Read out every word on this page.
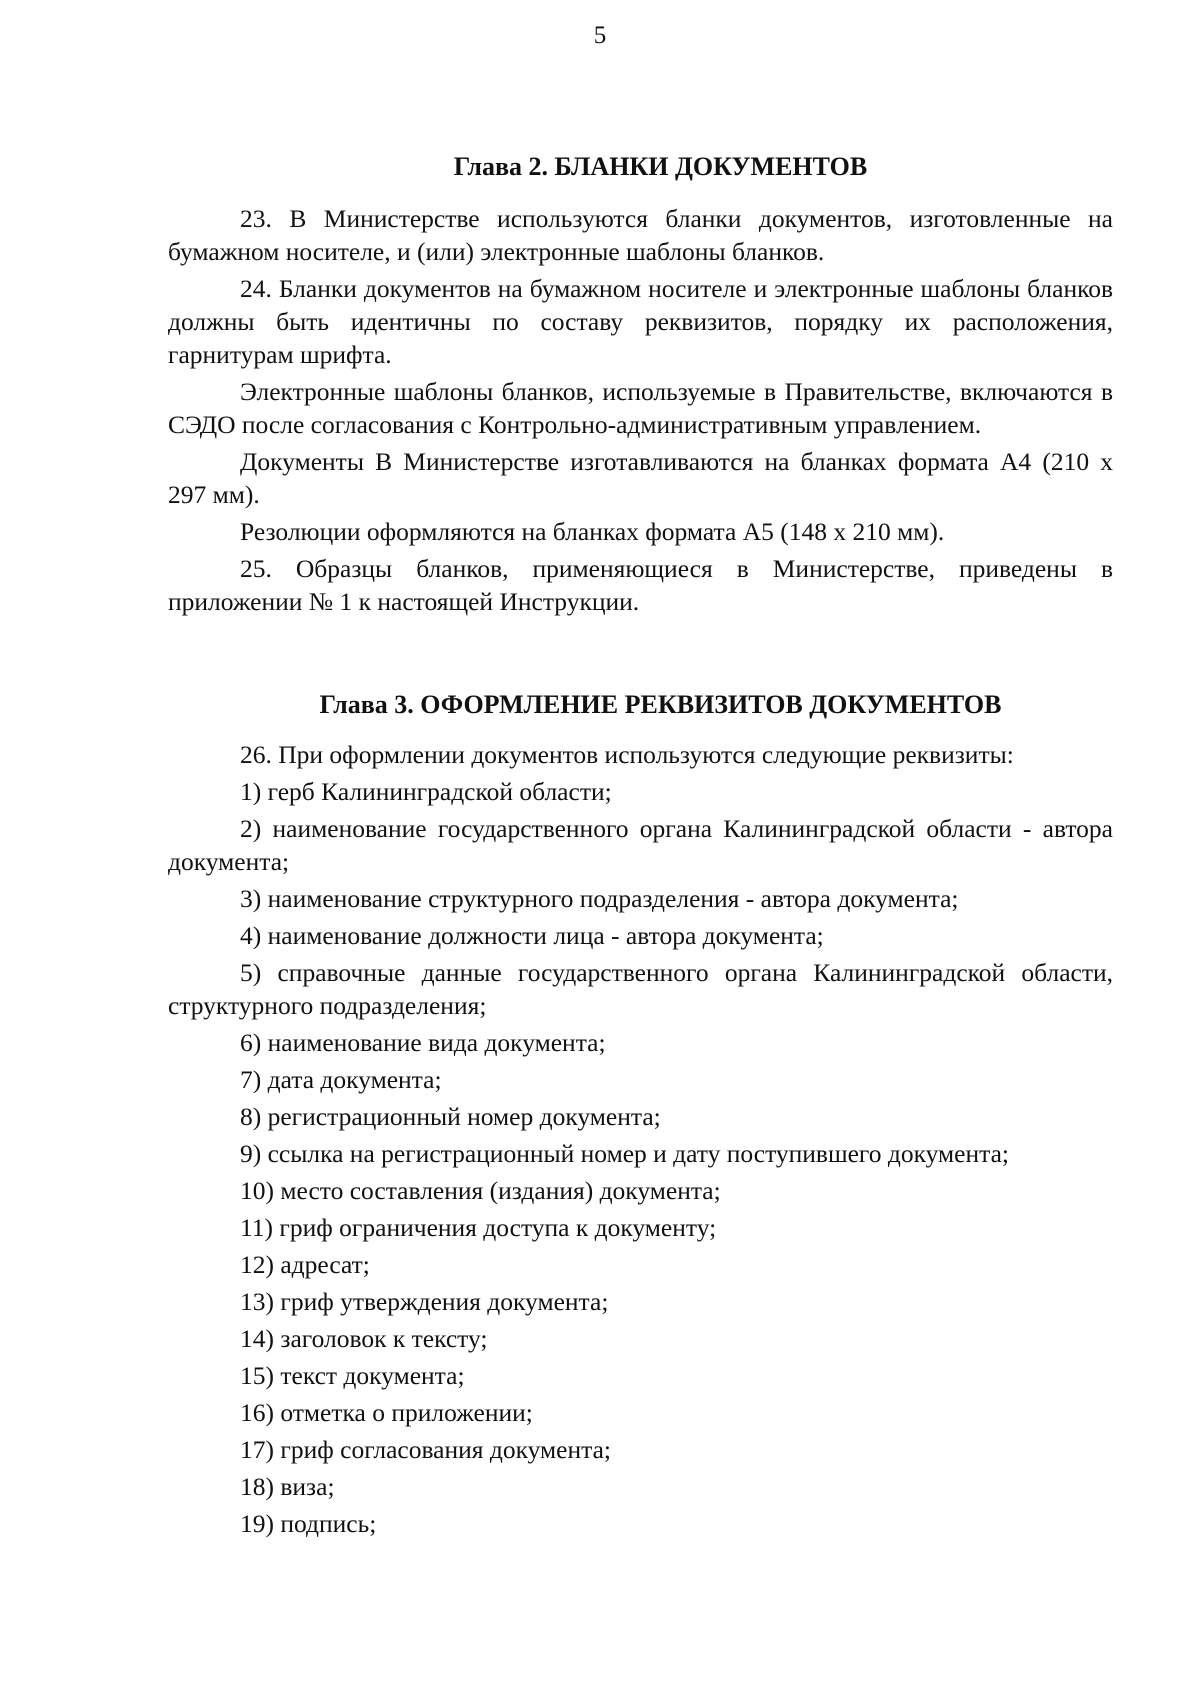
5
Глава 2. БЛАНКИ ДОКУМЕНТОВ

23. В Министерстве используются бланки документов, изготовленные на бумажном носителе, и (или) электронные шаблоны бланков.

24. Бланки документов на бумажном носителе и электронные шаблоны бланков должны быть идентичны по составу реквизитов, порядку их расположения, гарнитурам шрифта.

Электронные шаблоны бланков, используемые в Правительстве, включаются в СЭДО после согласования с Контрольно-административным управлением.

Документы В Министерстве изготавливаются на бланках формата А4 (210 х 297 мм).

Резолюции оформляются на бланках формата А5 (148 х 210 мм).

25. Образцы бланков, применяющиеся в Министерстве, приведены в приложении № 1 к настоящей Инструкции.

Глава 3. ОФОРМЛЕНИЕ РЕКВИЗИТОВ ДОКУМЕНТОВ

26. При оформлении документов используются следующие реквизиты:

1) герб Калининградской области;

2) наименование государственного органа Калининградской области - автора документа;

3) наименование структурного подразделения - автора документа;

4) наименование должности лица - автора документа;

5) справочные данные государственного органа Калининградской области, структурного подразделения;

6) наименование вида документа;

7) дата документа;

8) регистрационный номер документа;

9) ссылка на регистрационный номер и дату поступившего документа;

10) место составления (издания) документа;

11) гриф ограничения доступа к документу;

12) адресат;

13) гриф утверждения документа;

14) заголовок к тексту;

15) текст документа;

16) отметка о приложении;

17) гриф согласования документа;

18) виза;

19) подпись;
